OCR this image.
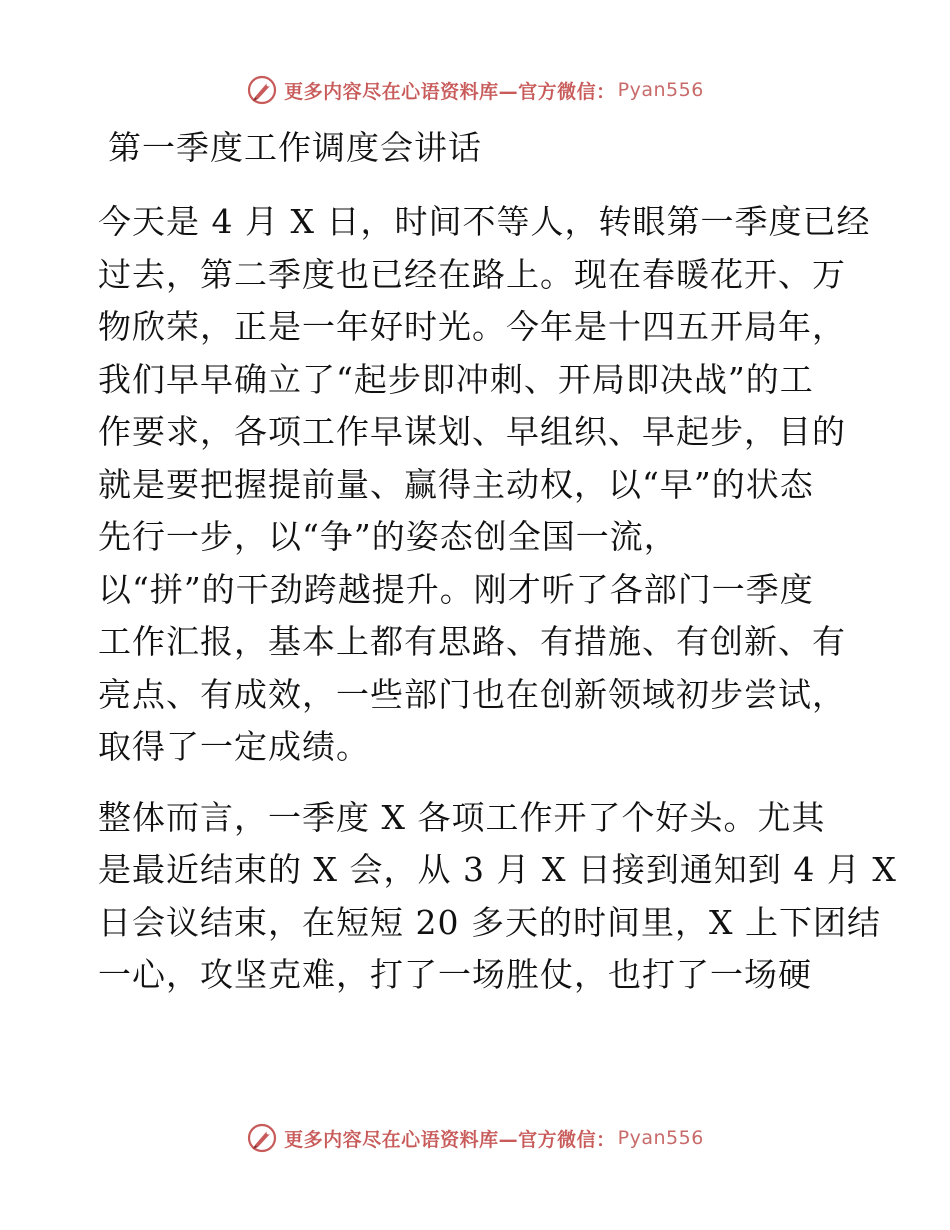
更多内容尽在心语资料库—官方微信： Pyan556
第一季度工作调度会讲话

今天是 4 月 X 日，时间不等人，转眼第一季度已经
过去，第二季度也已经在路上。现在春暖花开、万
物欣荣，正是一年好时光。今年是十四五开局年，
我们早早确立了“起步即冲刺、开局即决战”的工
作要求，各项工作早谋划、早组织、早起步，目的
就是要把握提前量、赢得主动权，以“早”的状态
先行一步，以“争”的姿态创全国一流，
以“拼”的干劲跨越提升。刚才听了各部门一季度
工作汇报，基本上都有思路、有措施、有创新、有
亮点、有成效，一些部门也在创新领域初步尝试，
取得了一定成绩。

整体而言，一季度 X 各项工作开了个好头。尤其
是最近结束的 X 会，从 3 月 X 日接到通知到 4 月 X
日会议结束，在短短 20 多天的时间里，X 上下团结
一心，攻坚克难，打了一场胜仗，也打了一场硬

更多内容尽在心语资料库—官方微信： Pyan556
